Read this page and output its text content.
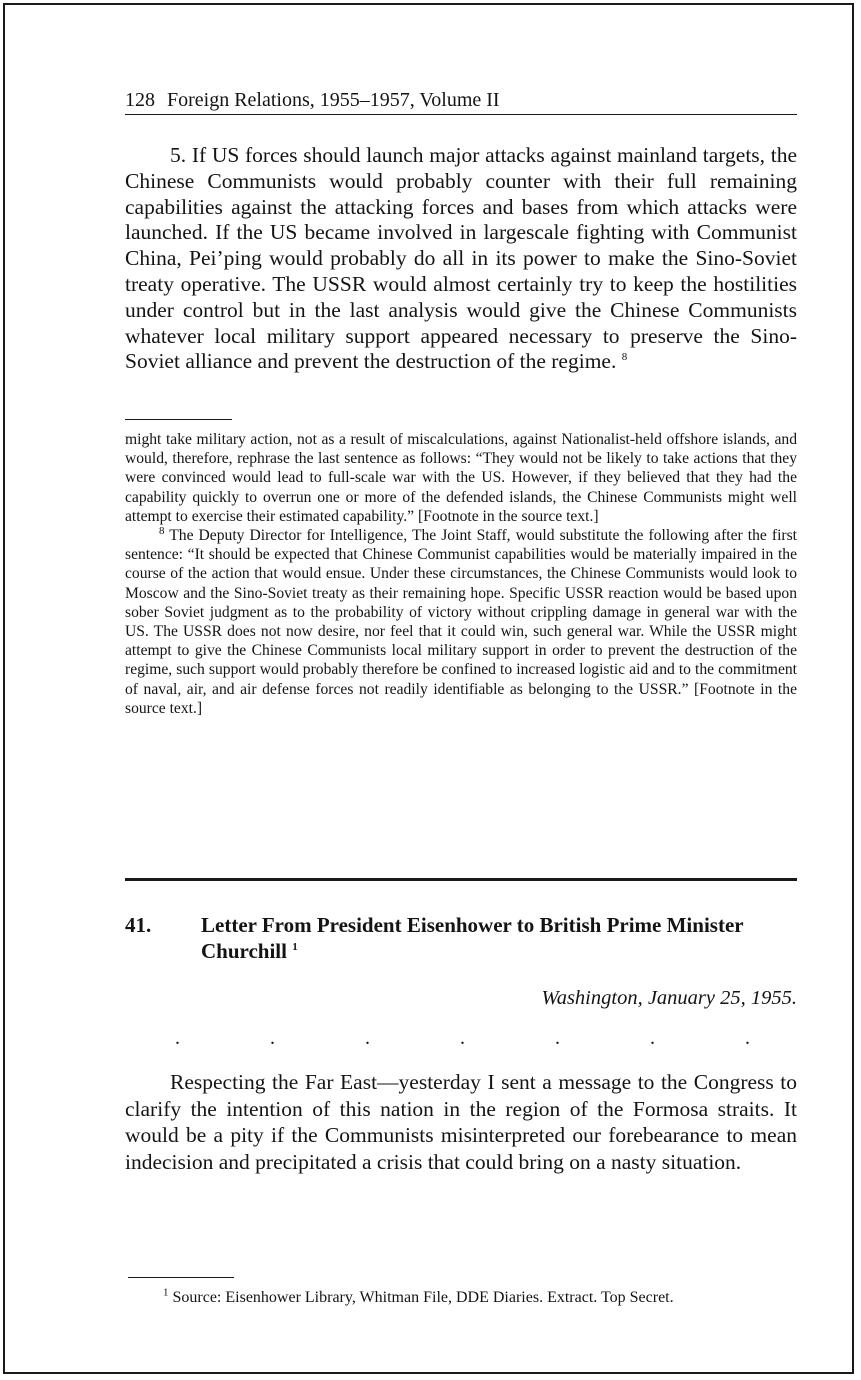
128 Foreign Relations, 1955–1957, Volume II

5. If US forces should launch major attacks against mainland targets, the Chinese Communists would probably counter with their full remaining capabilities against the attacking forces and bases from which attacks were launched. If the US became involved in largescale fighting with Communist China, Pei’ping would probably do all in its power to make the Sino-Soviet treaty operative. The USSR would almost certainly try to keep the hostilities under control but in the last analysis would give the Chinese Communists whatever local military support appeared necessary to preserve the Sino-Soviet alliance and prevent the destruction of the regime. $^8$

might take military action, not as a result of miscalculations, against Nationalist-held offshore islands, and would, therefore, rephrase the last sentence as follows: “They would not be likely to take actions that they were convinced would lead to full-scale war with the US. However, if they believed that they had the capability quickly to overrun one or more of the defended islands, the Chinese Communists might well attempt to exercise their estimated capability.” [Footnote in the source text.]

$^8$ The Deputy Director for Intelligence, The Joint Staff, would substitute the following after the first sentence: “It should be expected that Chinese Communist capabilities would be materially impaired in the course of the action that would ensue. Under these circumstances, the Chinese Communists would look to Moscow and the Sino-Soviet treaty as their remaining hope. Specific USSR reaction would be based upon sober Soviet judgment as to the probability of victory without crippling damage in general war with the US. The USSR does not now desire, nor feel that it could win, such general war. While the USSR might attempt to give the Chinese Communists local military support in order to prevent the destruction of the regime, such support would probably therefore be confined to increased logistic aid and to the commitment of naval, air, and air defense forces not readily identifiable as belonging to the USSR.” [Footnote in the source text.]

41. Letter From President Eisenhower to British Prime Minister Churchill $^1$
Washington, January 25, 1955.
.	.	.	.	.	.	.

Respecting the Far East—yesterday I sent a message to the Congress to clarify the intention of this nation in the region of the Formosa straits. It would be a pity if the Communists misinterpreted our forebearance to mean indecision and precipitated a crisis that could bring on a nasty situation.

$^1$ Source: Eisenhower Library, Whitman File, DDE Diaries. Extract. Top Secret.
